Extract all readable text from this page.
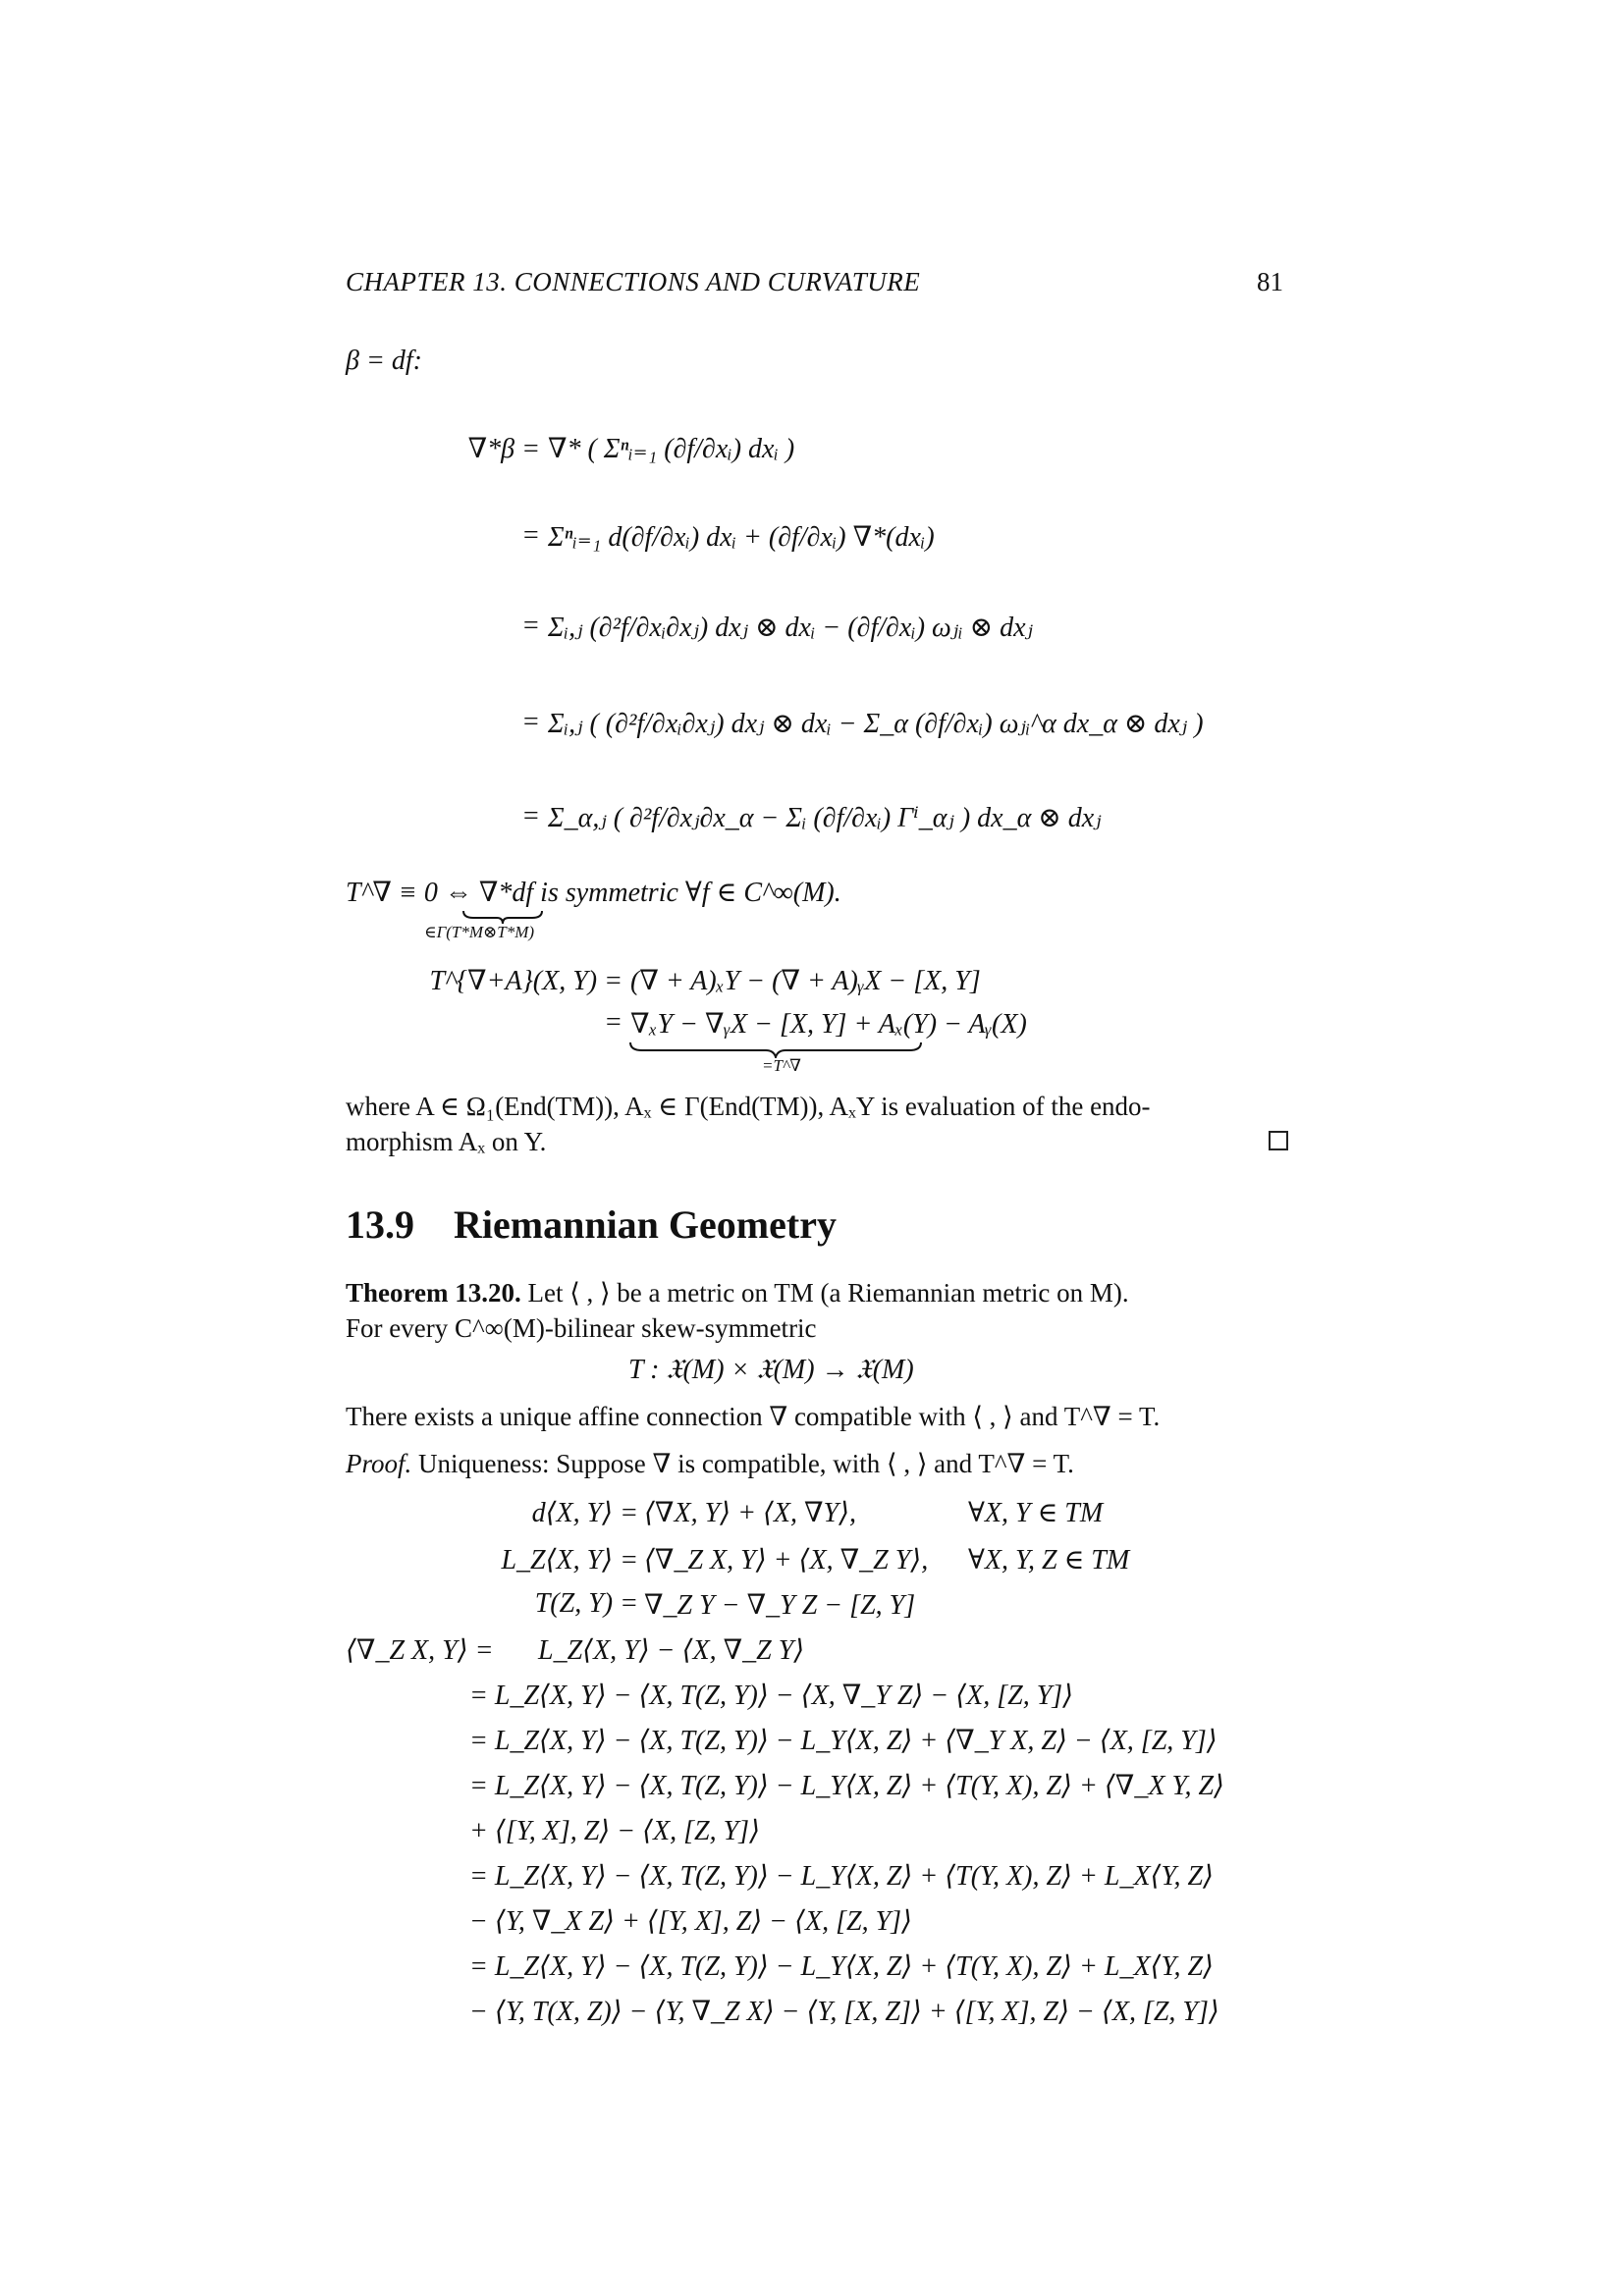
CHAPTER 13. CONNECTIONS AND CURVATURE	81
β = df:
∇*β = ∇* ( Σⁿᵢ₌₁ (∂f/∂xᵢ) dxᵢ )
= Σⁿᵢ₌₁ d(∂f/∂xᵢ) dxᵢ + (∂f/∂xᵢ) ∇*(dxᵢ)
= Σᵢ,ⱼ (∂²f/∂xᵢ∂xⱼ) dxⱼ ⊗ dxᵢ − (∂f/∂xᵢ) ωⱼᵢ ⊗ dxⱼ
= Σᵢ,ⱼ ( (∂²f/∂xᵢ∂xⱼ) dxⱼ ⊗ dxᵢ − Σ_α (∂f/∂xᵢ) ωⱼᵢ^α dx_α ⊗ dxⱼ )
= Σ_α,ⱼ ( ∂²f/∂xⱼ∂x_α − Σᵢ (∂f/∂xᵢ) Γⁱ_αⱼ ) dx_α ⊗ dxⱼ
T^∇ ≡ 0 ⇔ ∇*df is symmetric ∀f ∈ C^∞(M).
∈Γ(T*M⊗T*M)
T^{∇+A}(X, Y) = (∇ + A)ₓY − (∇ + A)ᵧX − [X, Y]
= ∇ₓY − ∇ᵧX − [X, Y] + Aₓ(Y) − Aᵧ(X)
=T^∇
where A ∈ Ω₁(End(TM)), Aₓ ∈ Γ(End(TM)), AₓY is evaluation of the endo-
morphism Aₓ on Y.
13.9 Riemannian Geometry
Theorem 13.20. Let ⟨ , ⟩ be a metric on TM (a Riemannian metric on M).
For every C^∞(M)-bilinear skew-symmetric
T : 𝔛(M) × 𝔛(M) → 𝔛(M)
There exists a unique affine connection ∇ compatible with ⟨ , ⟩ and T^∇ = T.
Proof. Uniqueness: Suppose ∇ is compatible, with ⟨ , ⟩ and T^∇ = T.
d⟨X, Y⟩ = ⟨∇X, Y⟩ + ⟨X, ∇Y⟩,	∀X, Y ∈ TM
L_Z⟨X, Y⟩ = ⟨∇_Z X, Y⟩ + ⟨X, ∇_Z Y⟩, ∀X, Y, Z ∈ TM
T(Z, Y) = ∇_Z Y − ∇_Y Z − [Z, Y]
⟨∇_Z X, Y⟩ = L_Z⟨X, Y⟩ − ⟨X, ∇_Z Y⟩
= L_Z⟨X, Y⟩ − ⟨X, T(Z, Y)⟩ − ⟨X, ∇_Y Z⟩ − ⟨X, [Z, Y]⟩
= L_Z⟨X, Y⟩ − ⟨X, T(Z, Y)⟩ − L_Y⟨X, Z⟩ + ⟨∇_Y X, Z⟩ − ⟨X, [Z, Y]⟩
= L_Z⟨X, Y⟩ − ⟨X, T(Z, Y)⟩ − L_Y⟨X, Z⟩ + ⟨T(Y, X), Z⟩ + ⟨∇_X Y, Z⟩
+ ⟨[Y, X], Z⟩ − ⟨X, [Z, Y]⟩
= L_Z⟨X, Y⟩ − ⟨X, T(Z, Y)⟩ − L_Y⟨X, Z⟩ + ⟨T(Y, X), Z⟩ + L_X⟨Y, Z⟩
− ⟨Y, ∇_X Z⟩ + ⟨[Y, X], Z⟩ − ⟨X, [Z, Y]⟩
= L_Z⟨X, Y⟩ − ⟨X, T(Z, Y)⟩ − L_Y⟨X, Z⟩ + ⟨T(Y, X), Z⟩ + L_X⟨Y, Z⟩
− ⟨Y, T(X, Z)⟩ − ⟨Y, ∇_Z X⟩ − ⟨Y, [X, Z]⟩ + ⟨[Y, X], Z⟩ − ⟨X, [Z, Y]⟩
